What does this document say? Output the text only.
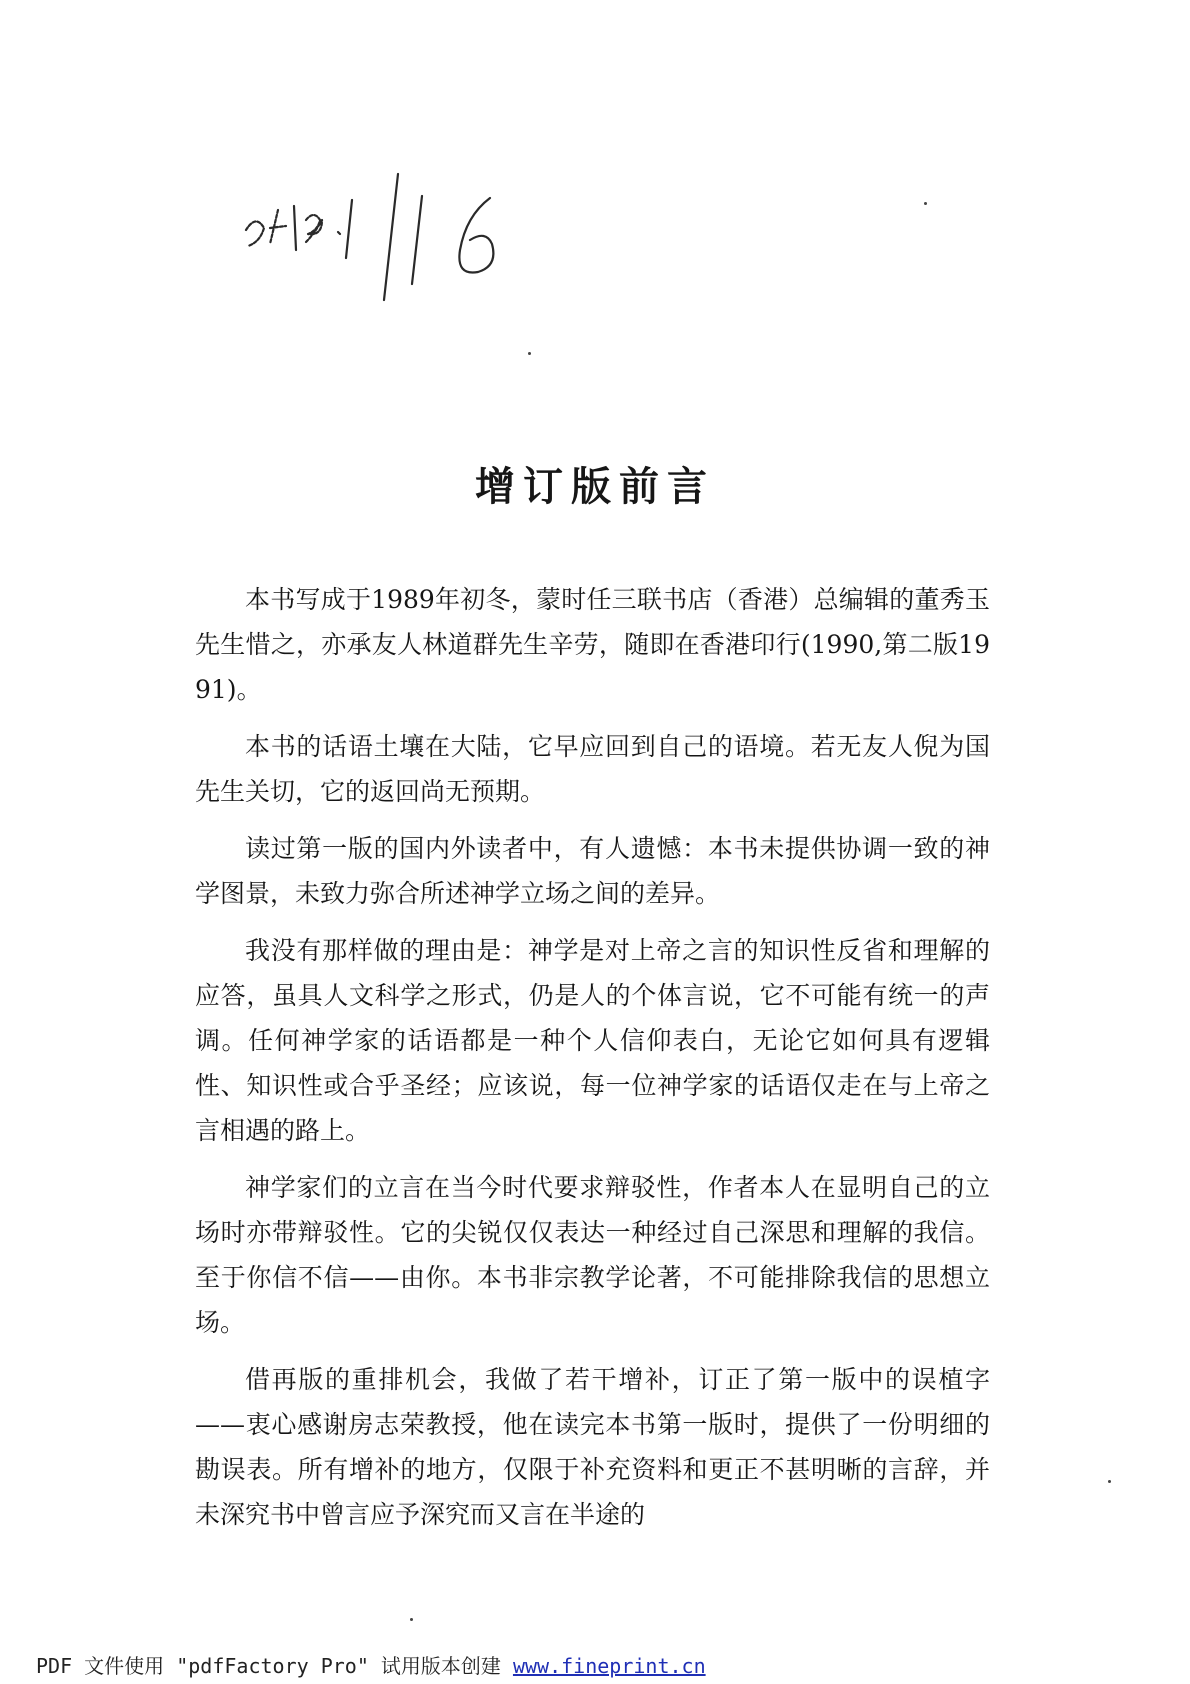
增订版前言

本书写成于1989年初冬，蒙时任三联书店（香港）总编辑的董秀玉先生惜之，亦承友人林道群先生辛劳，随即在香港印行(1990,第二版1991)。

本书的话语土壤在大陆，它早应回到自己的语境。若无友人倪为国先生关切，它的返回尚无预期。

读过第一版的国内外读者中，有人遗憾：本书未提供协调一致的神学图景，未致力弥合所述神学立场之间的差异。

我没有那样做的理由是：神学是对上帝之言的知识性反省和理解的应答，虽具人文科学之形式，仍是人的个体言说，它不可能有统一的声调。任何神学家的话语都是一种个人信仰表白，无论它如何具有逻辑性、知识性或合乎圣经；应该说，每一位神学家的话语仅走在与上帝之言相遇的路上。

神学家们的立言在当今时代要求辩驳性，作者本人在显明自己的立场时亦带辩驳性。它的尖锐仅仅表达一种经过自己深思和理解的我信。至于你信不信——由你。本书非宗教学论著，不可能排除我信的思想立场。

借再版的重排机会，我做了若干增补，订正了第一版中的误植字——衷心感谢房志荣教授，他在读完本书第一版时，提供了一份明细的勘误表。所有增补的地方，仅限于补充资料和更正不甚明晰的言辞，并未深究书中曾言应予深究而又言在半途的

PDF 文件使用 "pdfFactory Pro" 试用版本创建 www.fineprint.cn
